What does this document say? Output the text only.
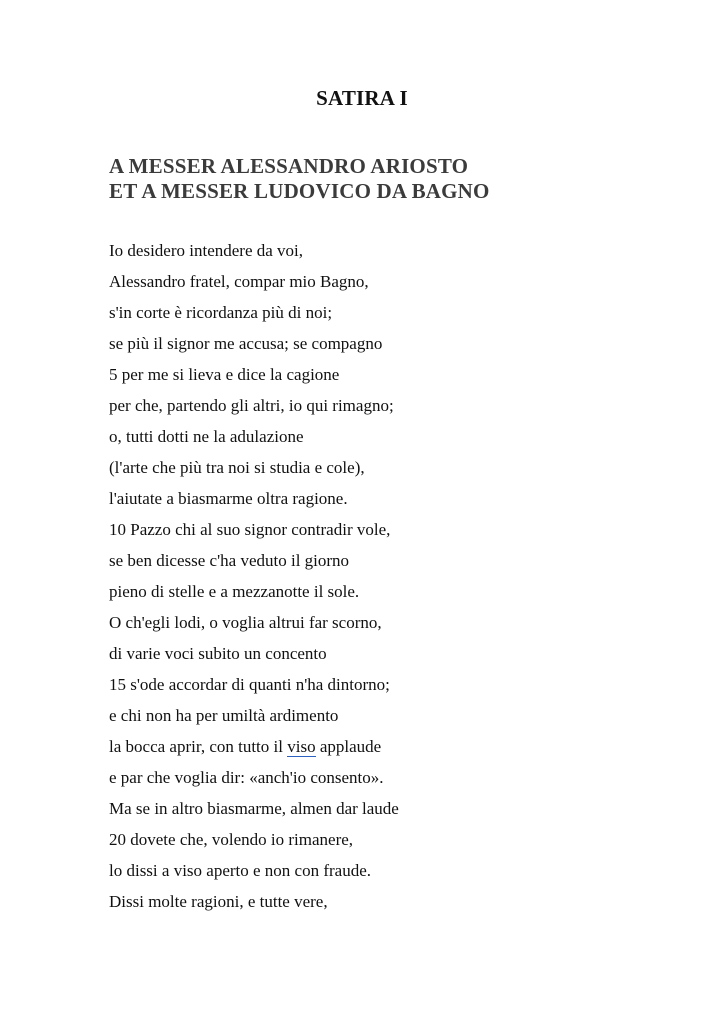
SATIRA I
A MESSER ALESSANDRO ARIOSTO
ET A MESSER LUDOVICO DA BAGNO
Io desidero intendere da voi,
Alessandro fratel, compar mio Bagno,
s'in corte è ricordanza più di noi;
se più il signor me accusa; se compagno
5 per me si lieva e dice la cagione
per che, partendo gli altri, io qui rimagno;
o, tutti dotti ne la adulazione
(l'arte che più tra noi si studia e cole),
l'aiutate a biasmarme oltra ragione.
10 Pazzo chi al suo signor contradir vole,
se ben dicesse c'ha veduto il giorno
pieno di stelle e a mezzanotte il sole.
O ch'egli lodi, o voglia altrui far scorno,
di varie voci subito un concento
15 s'ode accordar di quanti n'ha dintorno;
e chi non ha per umiltà ardimento
la bocca aprir, con tutto il viso applaude
e par che voglia dir: «anch'io consento».
Ma se in altro biasmarme, almen dar laude
20 dovete che, volendo io rimanere,
lo dissi a viso aperto e non con fraude.
Dissi molte ragioni, e tutte vere,
